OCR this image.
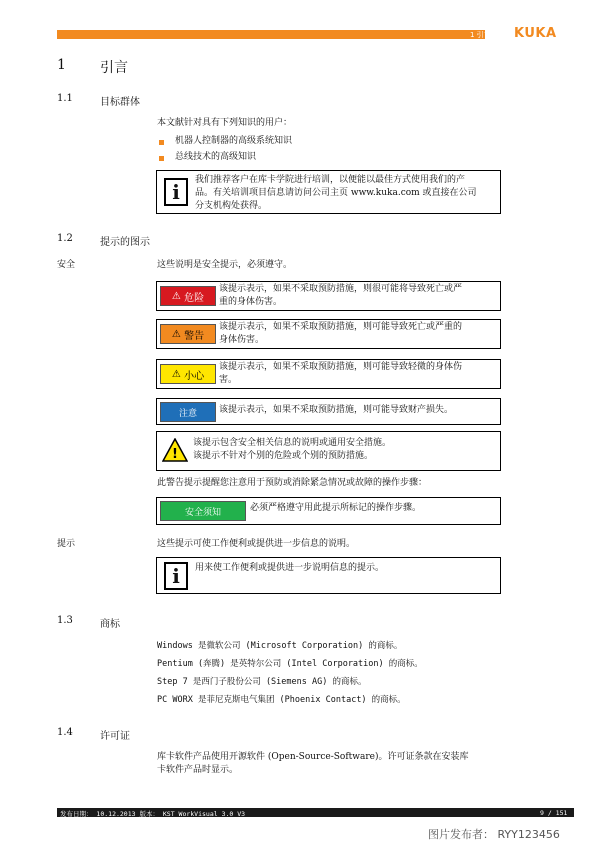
1 引言 KUKA
1 引言
1.1	目标群体
本文献针对具有下列知识的用户：
机器人控制器的高级系统知识
总线技术的高级知识
i	我们推荐客户在库卡学院进行培训，以便能以最佳方式使用我们的产
品。有关培训项目信息请访问公司主页 www.kuka.com 或直接在公司
分支机构处获得。
1.2	提示的图示
安全	这些说明是安全提示，必须遵守。
⚠
危险
该提示表示，如果不采取预防措施，则很可能将导致死亡或严
重的身体伤害。
⚠
警告
该提示表示，如果不采取预防措施，则可能导致死亡或严重的
身体伤害。
⚠
小心
该提示表示，如果不采取预防措施，则可能导致轻微的身体伤
害。
注意	该提示表示，如果不采取预防措施，则可能导致财产损失。
!
该提示包含安全相关信息的说明或通用安全措施。
该提示不针对个别的危险或个别的预防措施。
此警告提示提醒您注意用于预防或消除紧急情况或故障的操作步骤：
安全须知	必须严格遵守用此提示所标记的操作步骤。
提示	这些提示可使工作便利或提供进一步信息的说明。
i	用来使工作便利或提供进一步说明信息的提示。
1.3	商标
Windows 是微软公司 (Microsoft Corporation) 的商标。
Pentium (奔腾) 是英特尔公司 (Intel Corporation) 的商标。
Step 7 是西门子股份公司 (Siemens AG) 的商标。
PC WORX 是菲尼克斯电气集团 (Phoenix Contact) 的商标。
1.4	许可证
库卡软件产品使用开源软件 (Open-Source-Software)。许可证条款在安装库
卡软件产品时显示。
发布日期： 10.12.2013 版本： KST WorkVisual 3.0 V3	9 / 151
图片发布者： RYY123456
